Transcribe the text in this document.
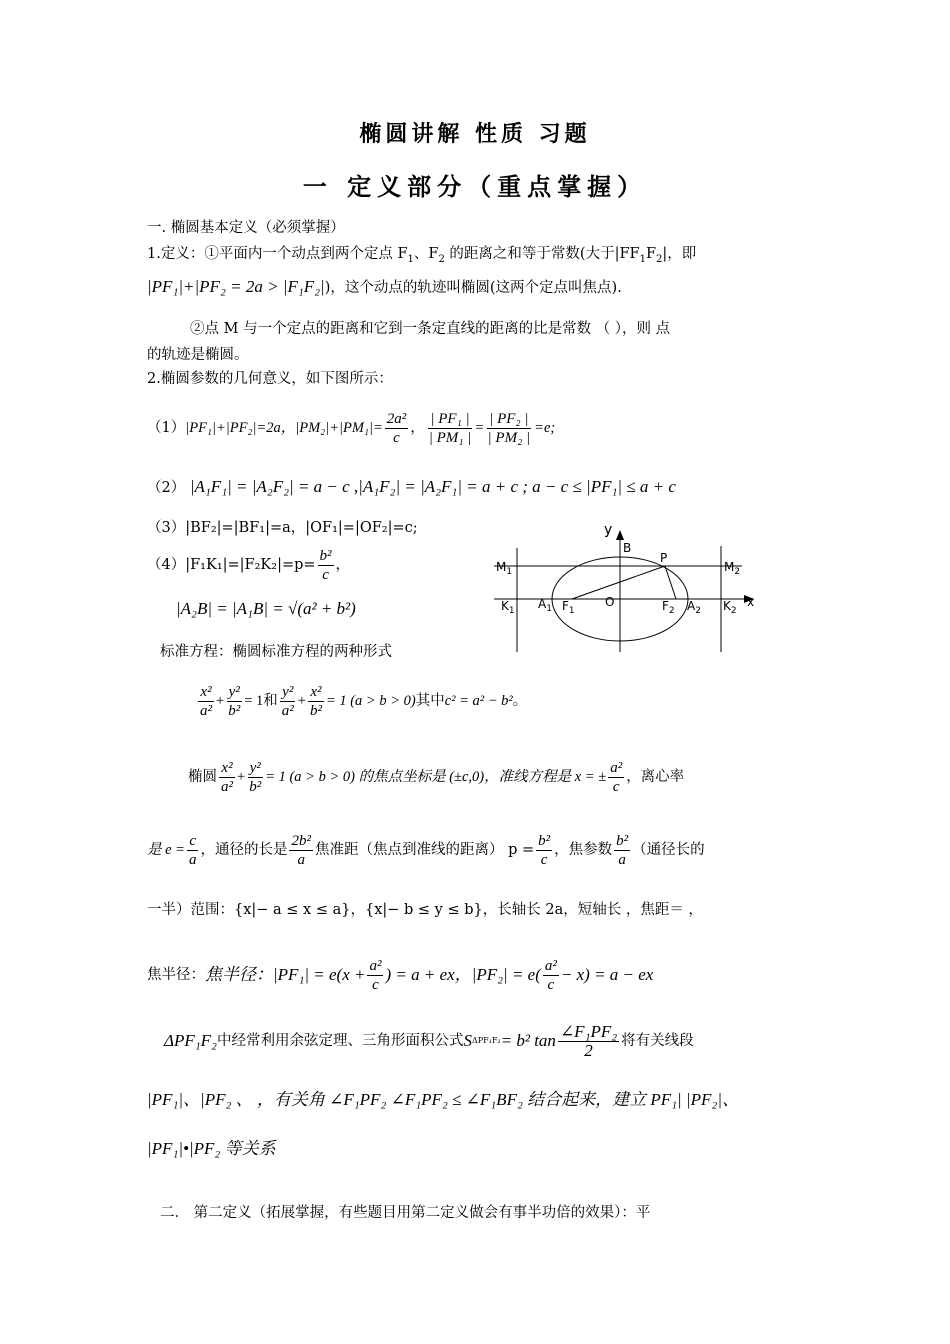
椭圆讲解 性质 习题
一 定义部分（重点掌握）
一. 椭圆基本定义（必须掌握）
1.定义：①平面内一个动点到两个定点 $F_1$、$F_2$ 的距离之和等于常数(大于$|FF_1F_2|$，即
|PF₁|+|PF₂ = 2a > |F₁F₂|)，这个动点的轨迹叫椭圆(这两个定点叫焦点).
②点 M 与一个定点的距离和它到一条定直线的距离的比是常数 （ ），则 点
的轨迹是椭圆。
2.椭圆参数的几何意义，如下图所示：
（1） |PF₁|+|PF₂|=2a，$|PM_2|+|PM_1|= \frac{\text{2a²}}{c}$ ， $\frac{\text{| PF₁ |}}{\text{| PM₁ |}} = \frac{\text{| PF₂ |}}{\text{| PM₂ |}} =e$;
（2） |A₁F₁| = |A₂F₂| = a − c ,|A₁F₂| = |A₂F₁| = a + c ; a − c ≤ |PF₁| ≤ a + c
（3）|BF₂|=|BF₁|=a，|OF₁|=|OF₂|=c;
$(4)|F_1K_1|=|F_2K_2|=p= \frac{\text{b²}}{c}$ ，
|A₂B| = |A₁B| = √(a² + b²)
y
B
P
$M_1$	$M_2$
$K_1$ $A_1$ $F_1$
O	$F_2$ $A_2$ $K_2$
x
标准方程：椭圆标准方程的两种形式
$\frac{\text{x²}}{\text{a²}} + \frac{\text{y²}}{\text{b²}} = 1$ 和 $\frac{\text{y²}}{\text{a²}} + \frac{\text{x²}}{\text{b²}} = 1$ (a > b > 0) 其中 c² = a² − b² 。
椭圆 $\frac{\text{x²}}{\text{a²}} + \frac{\text{y²}}{\text{b²}} = 1$ (a > b > 0) 的焦点坐标是 (±c,0)，准线方程是 x = ± $\frac{\text{a²}}{c}$ ，离心率
是 $e = \frac{c}{a}$ ，通径的长是 $\frac{\text{2b²}}{a}$ 焦准距（焦点到准线的距离） $p = \frac{\text{b²}}{c}$ ，焦参数 $\frac{\text{b²}}{a}$ （通径长的
一半）范围：{x|− a ≤ x ≤ a}，{x|− b ≤ y ≤ b}，长轴长 2a，短轴长 ，焦距＝ ，
焦半径： 焦半径：$|PF_1| = e(x + \frac{\text{a²}}{c}$ ) = a + ex，$|PF_2| = e( \frac{\text{a²}}{c} - x) = a$ − ex
ΔPF₁F₂ 中经常利用余弦定理、三角形面积公式 S ΔPF₁F₂ = b² $\tan \frac{\text{∠F₁PF₂}}{2}$ 将有关线段
|PF₁|、|PF₂ 、 ，有关角 ∠F₁PF₂ ∠F₁PF₂ ≤ ∠F₁BF₂ 结合起来，建立 PF₁| |PF₂|、
|PF₁|•|PF₂ 等关系
二． 第二定义（拓展掌握，有些题目用第二定义做会有事半功倍的效果）：平
